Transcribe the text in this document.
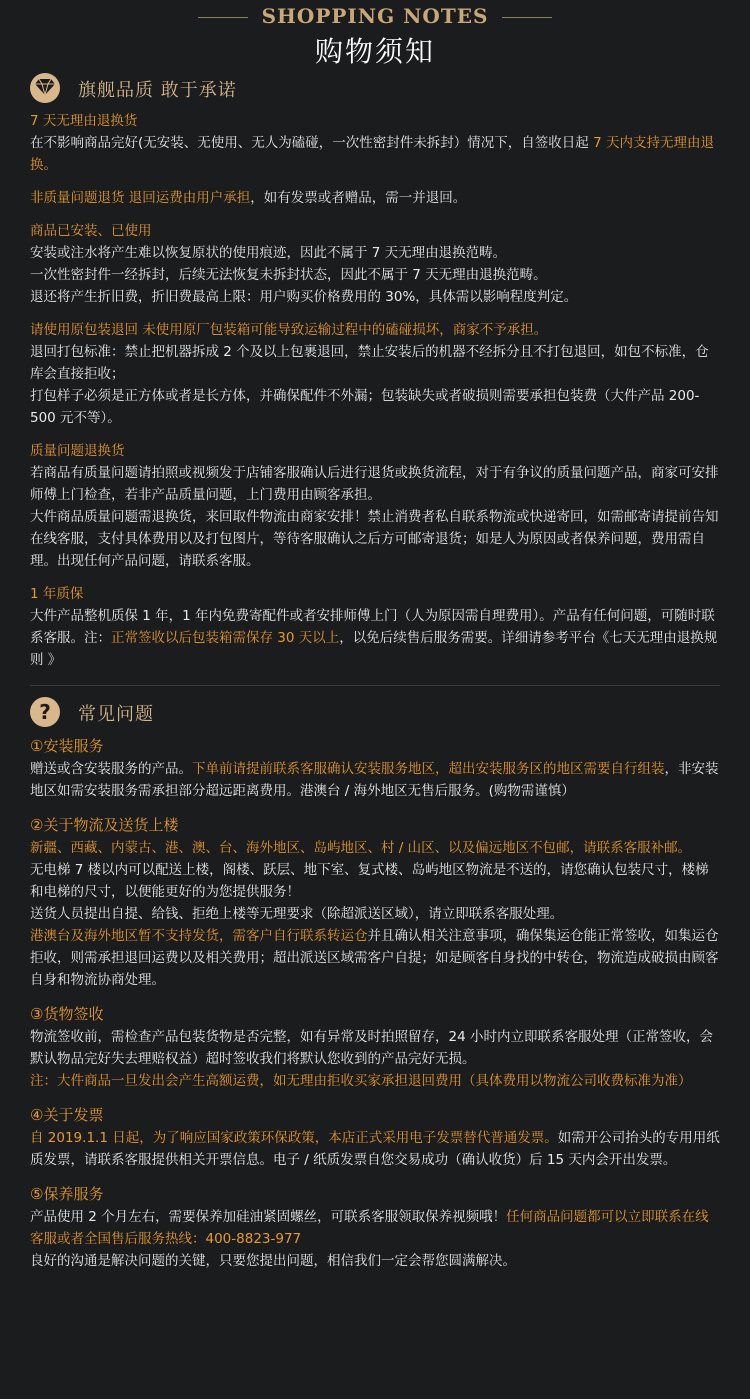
SHOPPING NOTES
购物须知
旗舰品质 敢于承诺
7 天无理由退换货

在不影响商品完好(无安装、无使用、无人为磕碰，一次性密封件未拆封）情况下，自签收日起 7 天内支持无理由退换。

非质量问题退货 退回运费由用户承担，如有发票或者赠品，需一并退回。

商品已安装、已使用

安装或注水将产生难以恢复原状的使用痕迹，因此不属于 7 天无理由退换范畴。

一次性密封件一经拆封，后续无法恢复未拆封状态，因此不属于 7 天无理由退换范畴。

退还将产生折旧费，折旧费最高上限：用户购买价格费用的 30%，具体需以影响程度判定。

请使用原包装退回 未使用原厂包装箱可能导致运输过程中的磕碰损坏，商家不予承担。

退回打包标准：禁止把机器拆成 2 个及以上包裹退回，禁止安装后的机器不经拆分且不打包退回，如包不标准，仓库会直接拒收；

打包样子必须是正方体或者是长方体，并确保配件不外漏；包装缺失或者破损则需要承担包装费（大件产品 200-500 元不等）。

质量问题退换货

若商品有质量问题请拍照或视频发于店铺客服确认后进行退货或换货流程，对于有争议的质量问题产品，商家可安排师傅上门检查，若非产品质量问题，上门费用由顾客承担。

大件商品质量问题需退换货，来回取件物流由商家安排！禁止消费者私自联系物流或快递寄回，如需邮寄请提前告知在线客服，支付具体费用以及打包图片，等待客服确认之后方可邮寄退货；如是人为原因或者保养问题，费用需自理。出现任何产品问题，请联系客服。

1 年质保

大件产品整机质保 1 年，1 年内免费寄配件或者安排师傅上门（人为原因需自理费用）。产品有任何问题，可随时联系客服。注：正常签收以后包装箱需保存 30 天以上，以免后续售后服务需要。详细请参考平台《七天无理由退换规则 》

?	常见问题
①安装服务

赠送或含安装服务的产品。下单前请提前联系客服确认安装服务地区，超出安装服务区的地区需要自行组装，非安装地区如需安装服务需承担部分超远距离费用。港澳台 / 海外地区无售后服务。(购物需谨慎）

②关于物流及送货上楼

新疆、西藏、内蒙古、港、澳、台、海外地区、岛屿地区、村 / 山区、以及偏远地区不包邮，请联系客服补邮。

无电梯 7 楼以内可以配送上楼，阁楼、跃层、地下室、复式楼、岛屿地区物流是不送的，请您确认包装尺寸，楼梯和电梯的尺寸，以便能更好的为您提供服务！

送货人员提出自提、给钱、拒绝上楼等无理要求（除超派送区域），请立即联系客服处理。

港澳台及海外地区暂不支持发货，需客户自行联系转运仓并且确认相关注意事项，确保集运仓能正常签收，如集运仓拒收，则需承担退回运费以及相关费用；超出派送区域需客户自提；如是顾客自身找的中转仓，物流造成破损由顾客自身和物流协商处理。

③货物签收

物流签收前，需检查产品包装货物是否完整，如有异常及时拍照留存，24 小时内立即联系客服处理（正常签收，会默认物品完好失去理赔权益）超时签收我们将默认您收到的产品完好无损。

注：大件商品一旦发出会产生高额运费，如无理由拒收买家承担退回费用（具体费用以物流公司收费标准为准）

④关于发票

自 2019.1.1 日起，为了响应国家政策环保政策，本店正式采用电子发票替代普通发票。如需开公司抬头的专用用纸质发票，请联系客服提供相关开票信息。电子 / 纸质发票自您交易成功（确认收货）后 15 天内会开出发票。

⑤保养服务

产品使用 2 个月左右，需要保养加硅油紧固螺丝，可联系客服领取保养视频哦！任何商品问题都可以立即联系在线客服或者全国售后服务热线：400-8823-977

良好的沟通是解决问题的关键，只要您提出问题，相信我们一定会帮您圆满解决。
